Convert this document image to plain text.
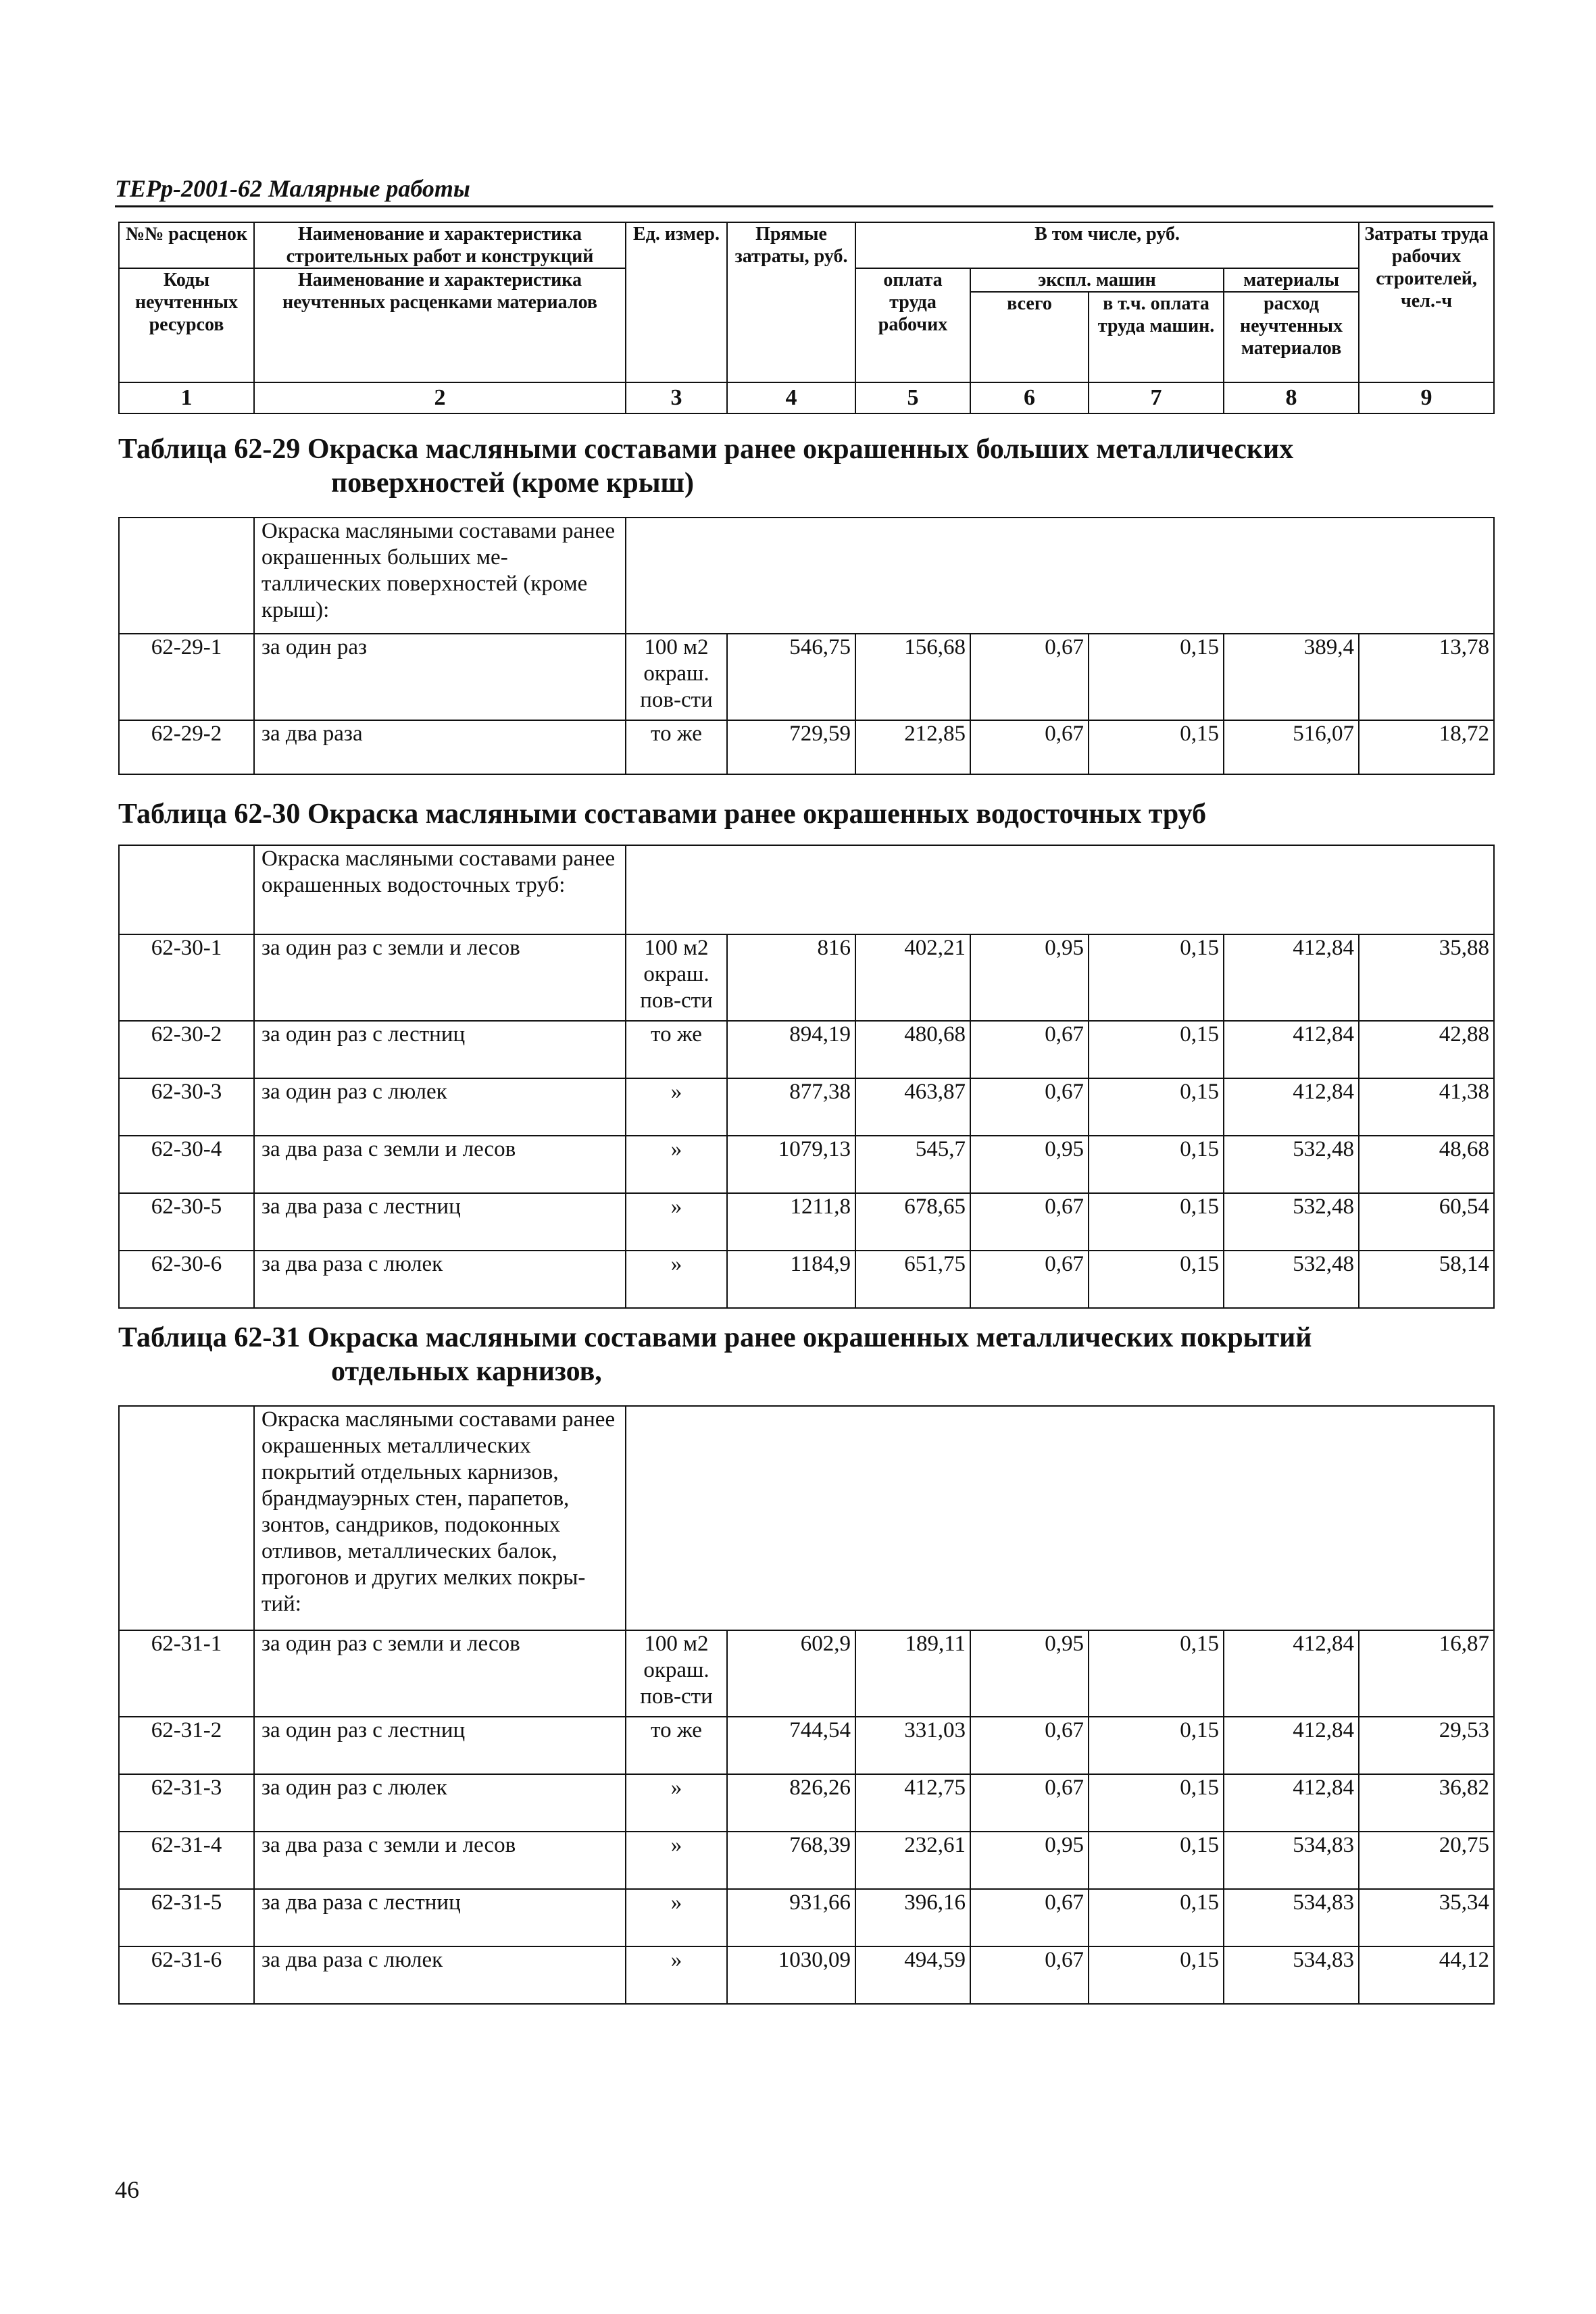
ТЕРр-2001-62 Малярные работы
№№ расценок	Наименование и характеристика строительных работ и конструкций	Ед. измер.	Прямые затраты, руб.	В том числе, руб.				Затраты труда рабочих строителей, чел.-ч
Коды неучтенных ресурсов	Наименование и характеристика неучтенных расценками материалов			оплата труда рабочих	экспл. машин		материалы	
					всего	в т.ч. оплата труда машин.	расход неучтенных материалов	
1	2	3	4	5	6	7	8	9
Таблица 62-29 Окраска масляными составами ранее окрашенных больших металлических
поверхностей (кроме крыш)
	Окраска масляными составами ранее окрашенных больших ме-таллических поверхностей (кроме крыш):							
62-29-1	за один раз	100 м2 окраш. пов-сти	546,75	156,68	0,67	0,15	389,4	13,78
62-29-2	за два раза	то же	729,59	212,85	0,67	0,15	516,07	18,72
Таблица 62-30 Окраска масляными составами ранее окрашенных водосточных труб
	Окраска масляными составами ранее окрашенных водосточных труб:							
62-30-1	за один раз с земли и лесов	100 м2 окраш. пов-сти	816	402,21	0,95	0,15	412,84	35,88
62-30-2	за один раз с лестниц	то же	894,19	480,68	0,67	0,15	412,84	42,88
62-30-3	за один раз с люлек	»	877,38	463,87	0,67	0,15	412,84	41,38
62-30-4	за два раза с земли и лесов	»	1079,13	545,7	0,95	0,15	532,48	48,68
62-30-5	за два раза с лестниц	»	1211,8	678,65	0,67	0,15	532,48	60,54
62-30-6	за два раза с люлек	»	1184,9	651,75	0,67	0,15	532,48	58,14
Таблица 62-31 Окраска масляными составами ранее окрашенных металлических покрытий
отдельных карнизов,
	Окраска масляными составами ранее окрашенных металлических покрытий отдельных карнизов, брандмауэрных стен, парапетов, зонтов, сандриков, подоконных отливов, металлических балок, прогонов и других мелких покры-тий:							
62-31-1	за один раз с земли и лесов	100 м2 окраш. пов-сти	602,9	189,11	0,95	0,15	412,84	16,87
62-31-2	за один раз с лестниц	то же	744,54	331,03	0,67	0,15	412,84	29,53
62-31-3	за один раз с люлек	»	826,26	412,75	0,67	0,15	412,84	36,82
62-31-4	за два раза с земли и лесов	»	768,39	232,61	0,95	0,15	534,83	20,75
62-31-5	за два раза с лестниц	»	931,66	396,16	0,67	0,15	534,83	35,34
62-31-6	за два раза с люлек	»	1030,09	494,59	0,67	0,15	534,83	44,12
46
